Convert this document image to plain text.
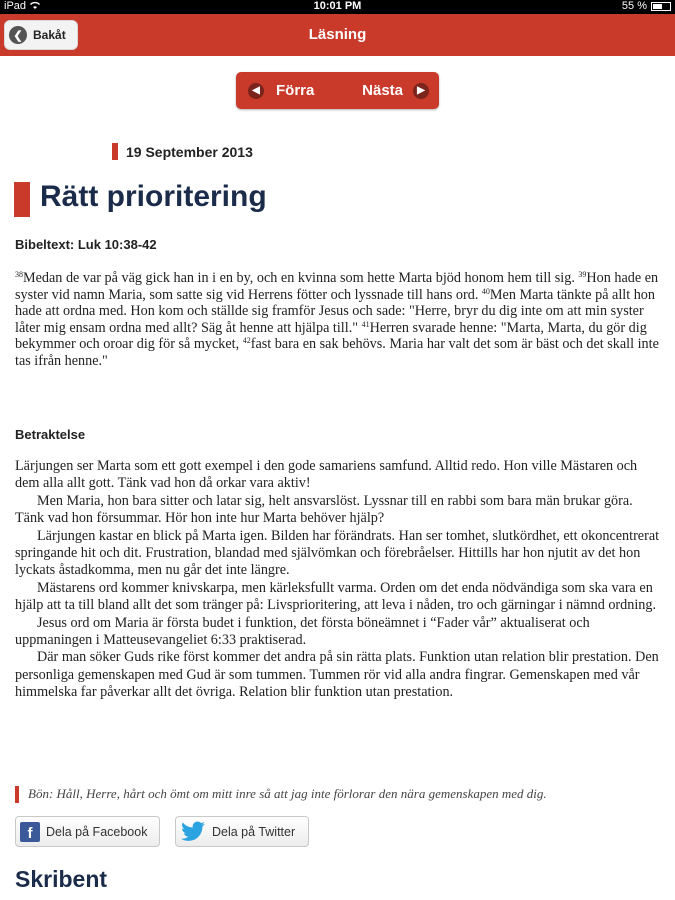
iPad	10:01 PM	55 %
❮ Bakåt	Läsning
◀ Förra	Nästa	▶
19 September 2013
Rätt prioritering
Bibeltext: Luk 10:38-42
$^{38}$Medan de var på väg gick han in i en by, och en kvinna som hette Marta bjöd honom hem till sig. $^{39}$Hon hade en syster vid namn Maria, som satte sig vid Herrens fötter och lyssnade till hans ord. $^{40}$Men Marta tänkte på allt hon hade att ordna med. Hon kom och ställde sig framför Jesus och sade: "Herre, bryr du dig inte om att min syster låter mig ensam ordna med allt? Säg åt henne att hjälpa till." $^{41}$Herren svarade henne: "Marta, Marta, du gör dig bekymmer och oroar dig för så mycket, $^{42}$fast bara en sak behövs. Maria har valt det som är bäst och det skall inte tas ifrån henne."
Betraktelse

Lärjungen ser Marta som ett gott exempel i den gode samariens samfund. Alltid redo. Hon ville Mästaren och dem alla allt gott. Tänk vad hon då orkar vara aktiv!

Men Maria, hon bara sitter och latar sig, helt ansvarslöst. Lyssnar till en rabbi som bara män brukar göra. Tänk vad hon försummar. Hör hon inte hur Marta behöver hjälp?

Lärjungen kastar en blick på Marta igen. Bilden har förändrats. Han ser tomhet, slutkördhet, ett okoncentrerat springande hit och dit. Frustration, blandad med självömkan och förebråelser. Hittills har hon njutit av det hon lyckats åstadkomma, men nu går det inte längre.

Mästarens ord kommer knivskarpa, men kärleksfullt varma. Orden om det enda nödvändiga som ska vara en hjälp att ta till bland allt det som tränger på: Livsprioritering, att leva i nåden, tro och gärningar i nämnd ordning.

Jesus ord om Maria är första budet i funktion, det första böneämnet i “Fader vår” aktualiserat och uppmaningen i Matteusevangeliet 6:33 praktiserad.

Där man söker Guds rike först kommer det andra på sin rätta plats. Funktion utan relation blir prestation. Den personliga gemenskapen med Gud är som tummen. Tummen rör vid alla andra fingrar. Gemenskapen med vår himmelska far påverkar allt det övriga. Relation blir funktion utan prestation.

Bön: Håll, Herre, hårt och ömt om mitt inre så att jag inte förlorar den nära gemenskapen med dig.
f	Dela på Facebook	Dela på Twitter
Skribent
